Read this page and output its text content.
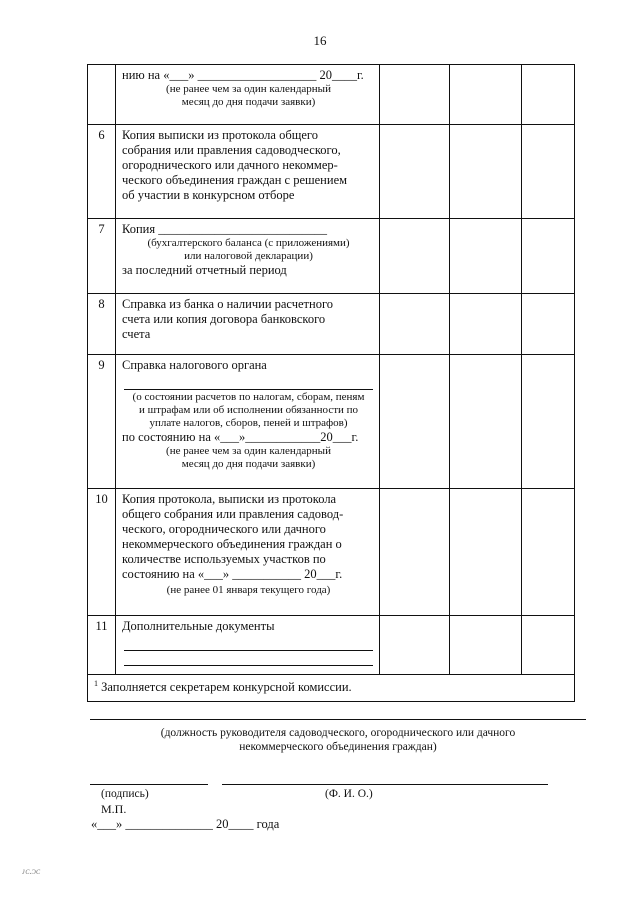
16
нию на «___» ___________________ 20____г.
(не ранее чем за один календарный
месяц до дня подачи заявки)
6	Копия выписки из протокола общего
собрания или правления садоводческого,
огороднического или дачного некоммер-
ческого объединения граждан с решением
об участии в конкурсном отборе
7	Копия ___________________________
(бухгалтерского баланса (с приложениями)
или налоговой декларации)
за последний отчетный период
8	Справка из банка о наличии расчетного
счета или копия договора банковского
счета
9	Справка налогового органа
(о состоянии расчетов по налогам, сборам, пеням
и штрафам или об исполнении обязанности по
уплате налогов, сборов, пеней и штрафов)
по состоянию на «___»____________20___г.
(не ранее чем за один календарный
месяц до дня подачи заявки)
10	Копия протокола, выписки из протокола
общего собрания или правления садовод-
ческого, огороднического или дачного
некоммерческого объединения граждан о
количестве используемых участков по
состоянию на «___» ___________ 20___г.
(не ранее 01 января текущего года)
11	Дополнительные документы
$^1$ Заполняется секретарем конкурсной комиссии.
(должность руководителя садоводческого, огороднического или дачного
некоммерческого объединения граждан)
(подпись)	(Ф. И. О.)
М.П.
«___» ______________ 20____ года
ᴊᴄ.ᴐᴄ
